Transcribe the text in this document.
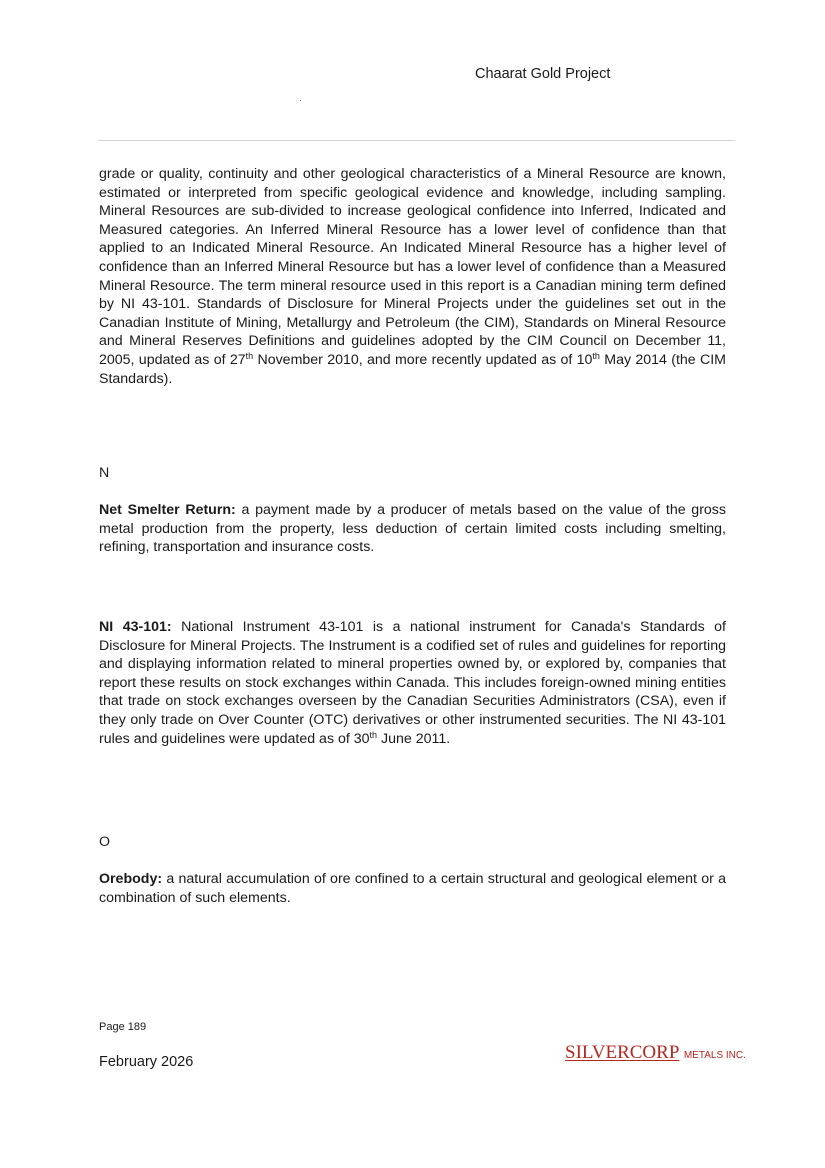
Chaarat Gold Project

grade or quality, continuity and other geological characteristics of a Mineral Resource are known, estimated or interpreted from specific geological evidence and knowledge, including sampling. Mineral Resources are sub-divided to increase geological confidence into Inferred, Indicated and Measured categories. An Inferred Mineral Resource has a lower level of confidence than that applied to an Indicated Mineral Resource. An Indicated Mineral Resource has a higher level of confidence than an Inferred Mineral Resource but has a lower level of confidence than a Measured Mineral Resource. The term mineral resource used in this report is a Canadian mining term defined by NI 43-101. Standards of Disclosure for Mineral Projects under the guidelines set out in the Canadian Institute of Mining, Metallurgy and Petroleum (the CIM), Standards on Mineral Resource and Mineral Reserves Definitions and guidelines adopted by the CIM Council on December 11, 2005, updated as of 27th November 2010, and more recently updated as of 10th May 2014 (the CIM Standards).

N

Net Smelter Return: a payment made by a producer of metals based on the value of the gross metal production from the property, less deduction of certain limited costs including smelting, refining, transportation and insurance costs.

NI 43-101: National Instrument 43-101 is a national instrument for Canada's Standards of Disclosure for Mineral Projects. The Instrument is a codified set of rules and guidelines for reporting and displaying information related to mineral properties owned by, or explored by, companies that report these results on stock exchanges within Canada. This includes foreign-owned mining entities that trade on stock exchanges overseen by the Canadian Securities Administrators (CSA), even if they only trade on Over Counter (OTC) derivatives or other instrumented securities. The NI 43-101 rules and guidelines were updated as of 30th June 2011.

O

Orebody: a natural accumulation of ore confined to a certain structural and geological element or a combination of such elements.

Page 189
February 2026	SILVERCORP METALS INC.
